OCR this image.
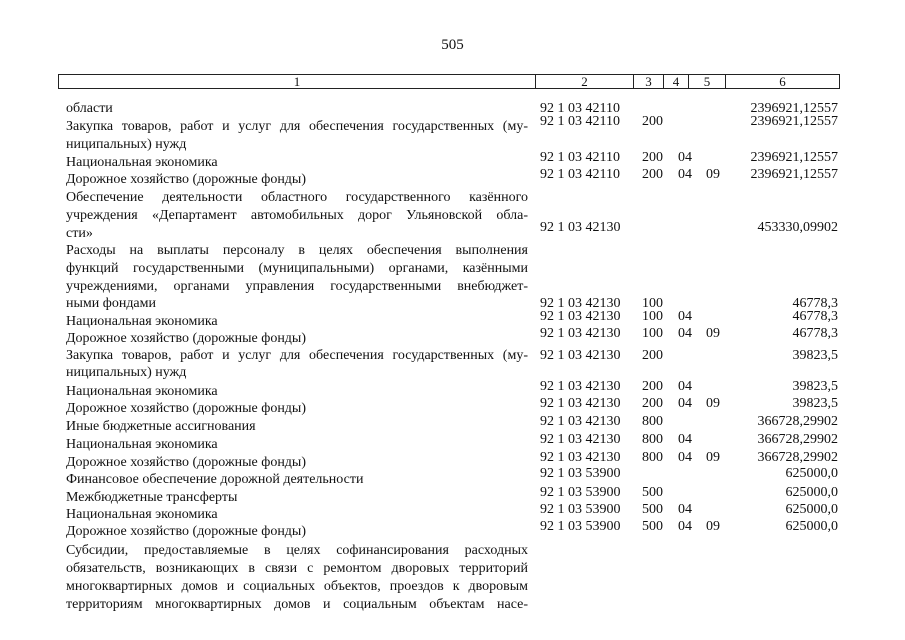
505
1	2	3	4	5	6
области	92 1 03 42110	2396921,12557
Закупка товаров, работ и услуг для обеспечения государственных (му-
ниципальных) нужд
92 1 03 42110 200	2396921,12557
Национальная экономика	92 1 03 42110 200	04	2396921,12557
Дорожное хозяйство (дорожные фонды)	92 1 03 42110 200	04	09	2396921,12557
Обеспечение деятельности областного государственного казённого
учреждения «Департамент автомобильных дорог Ульяновской обла-
сти»	92 1 03 42130	453330,09902
Расходы на выплаты персоналу в целях обеспечения выполнения
функций государственными (муниципальными) органами, казёнными
учреждениями, органами управления государственными внебюджет-
ными фондами	92 1 03 42130 100	46778,3
Национальная экономика	92 1 03 42130 100	04	46778,3
Дорожное хозяйство (дорожные фонды)	92 1 03 42130 100	04	09	46778,3
Закупка товаров, работ и услуг для обеспечения государственных (му-
ниципальных) нужд
92 1 03 42130 200	39823,5
Национальная экономика	92 1 03 42130 200	04	39823,5
Дорожное хозяйство (дорожные фонды)	92 1 03 42130 200	04	09	39823,5
Иные бюджетные ассигнования	92 1 03 42130 800	366728,29902
Национальная экономика	92 1 03 42130 800	04	366728,29902
Дорожное хозяйство (дорожные фонды)	92 1 03 42130 800	04	09	366728,29902
Финансовое обеспечение дорожной деятельности	92 1 03 53900	625000,0
Межбюджетные трансферты	92 1 03 53900 500	625000,0
Национальная экономика	92 1 03 53900 500	04	625000,0
Дорожное хозяйство (дорожные фонды)	92 1 03 53900 500	04	09	625000,0
Субсидии, предоставляемые в целях софинансирования расходных
обязательств, возникающих в связи с ремонтом дворовых территорий
многоквартирных домов и социальных объектов, проездов к дворовым
территориям многоквартирных домов и социальным объектам насе-
